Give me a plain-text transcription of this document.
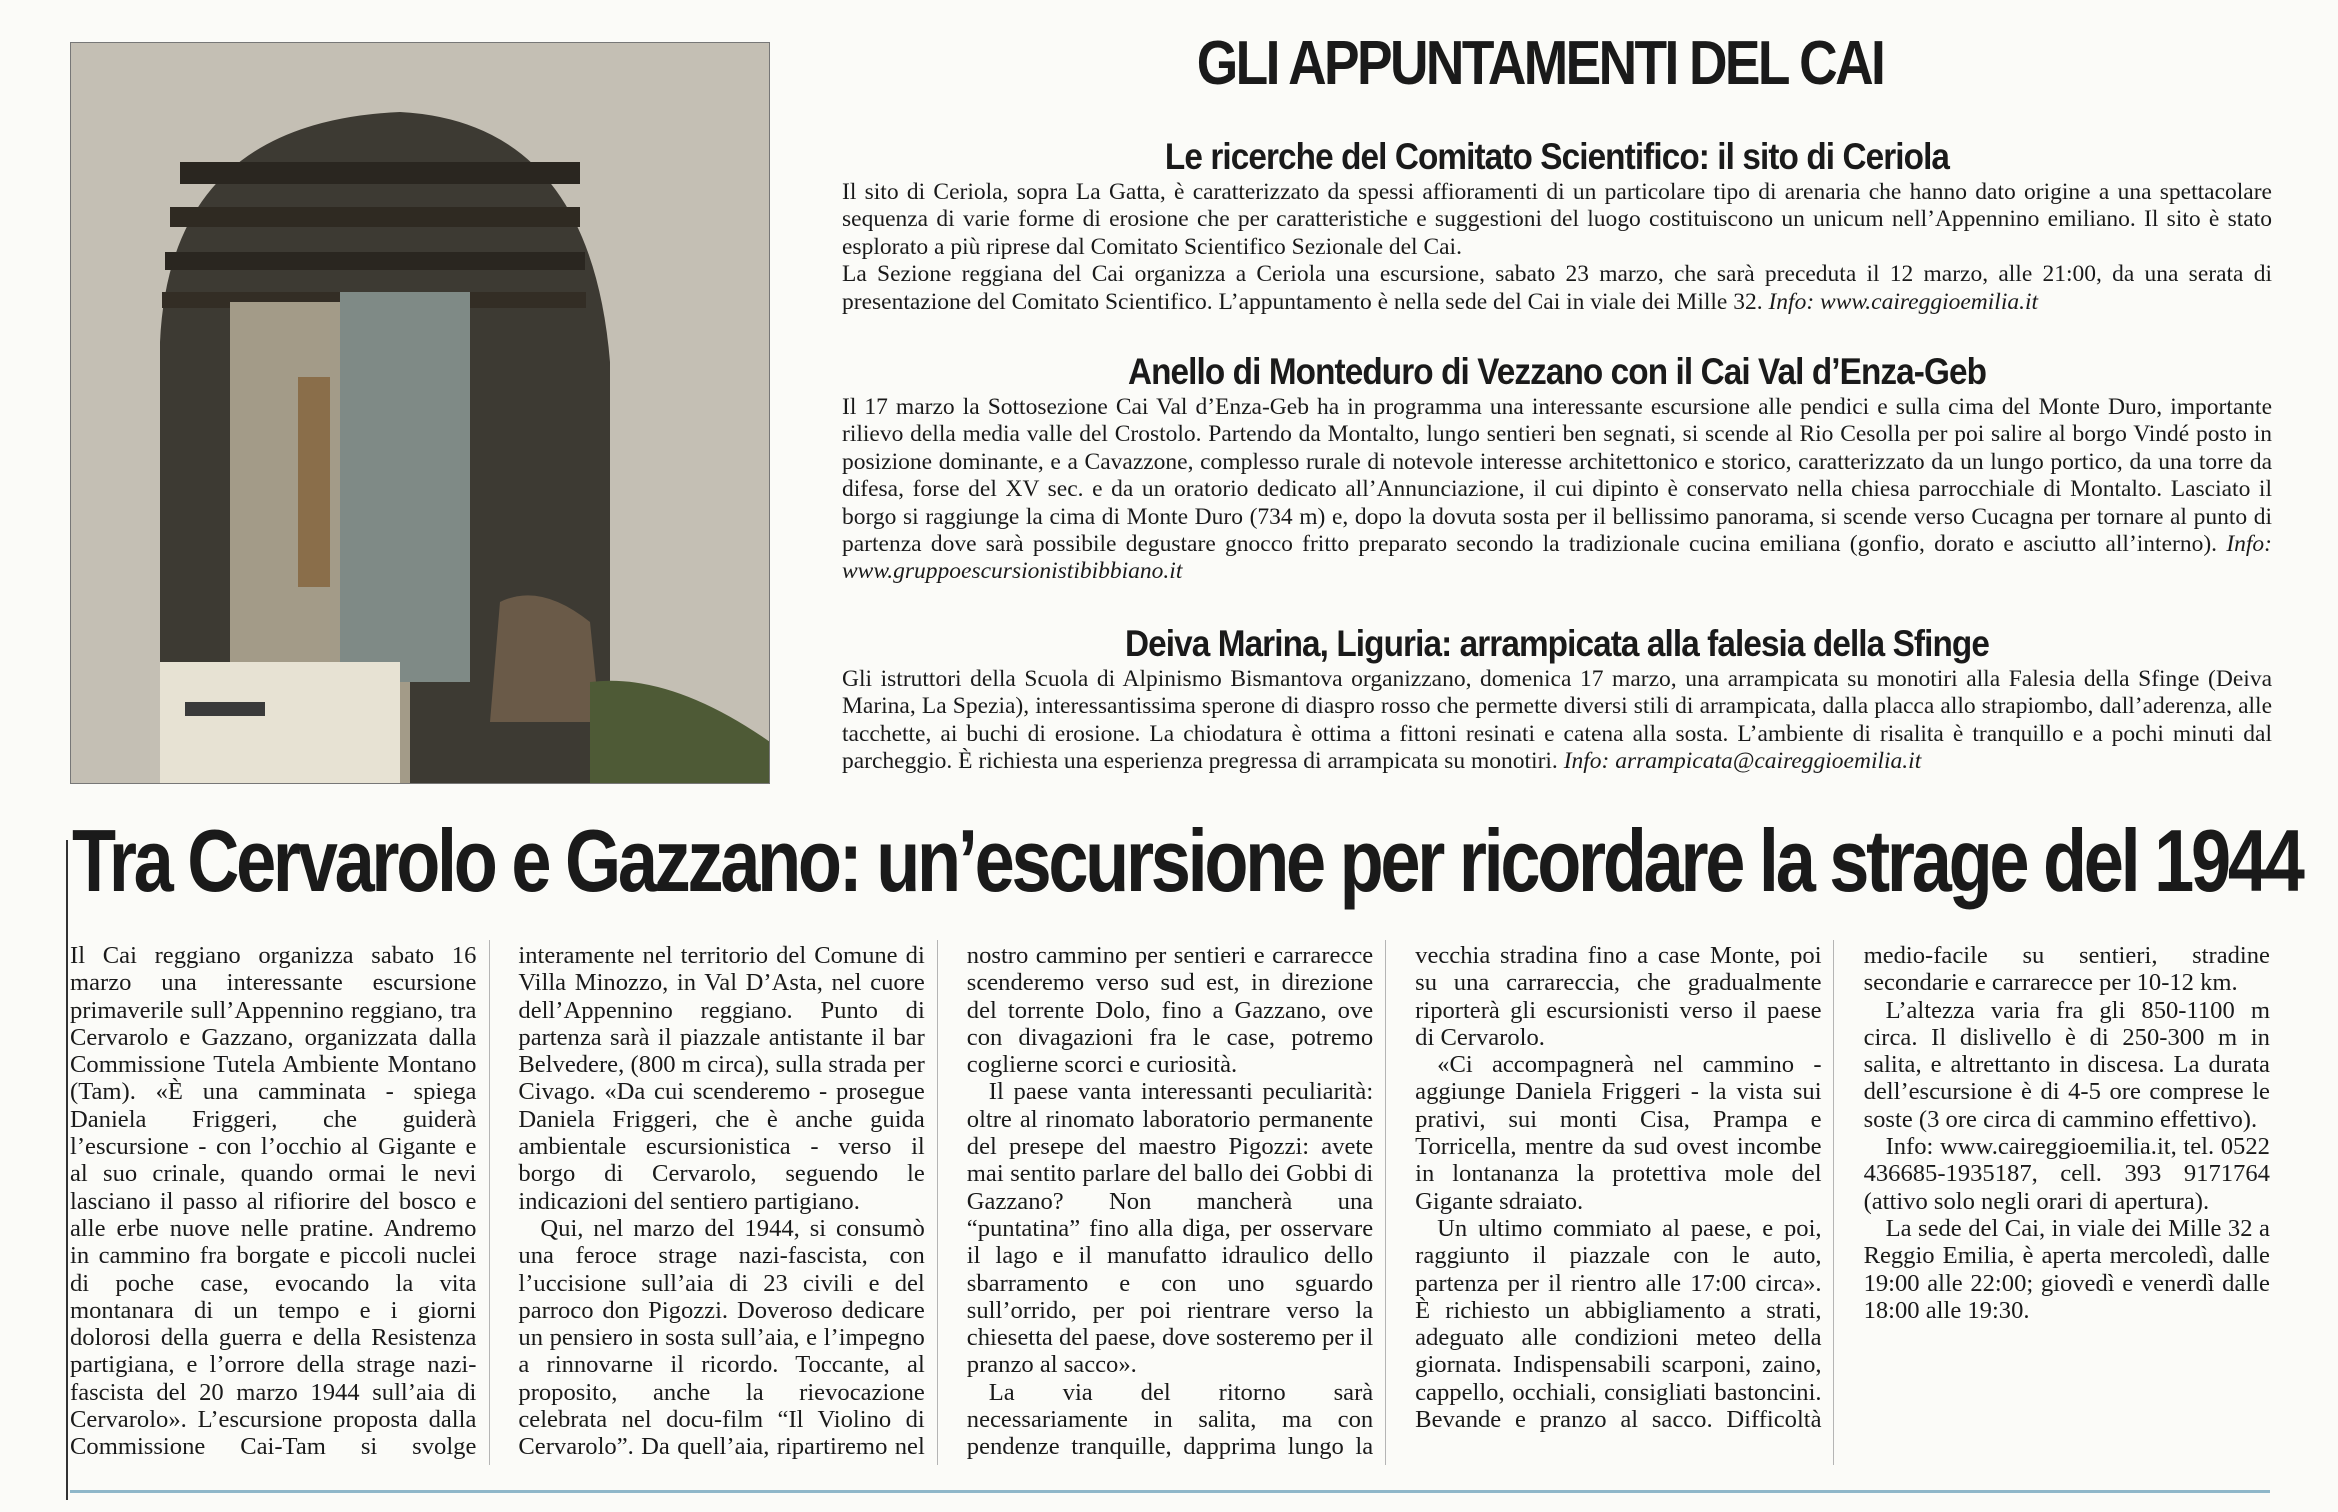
GLI APPUNTAMENTI DEL CAI
Le ricerche del Comitato Scientifico: il sito di Ceriola

Il sito di Ceriola, sopra La Gatta, è caratterizzato da spessi affioramenti di un particolare tipo di arenaria che hanno dato origine a una spettacolare sequenza di varie forme di erosione che per caratteristiche e suggestioni del luogo costituiscono un unicum nell’Appennino emiliano. Il sito è stato esplorato a più riprese dal Comitato Scientifico Sezionale del Cai.

La Sezione reggiana del Cai organizza a Ceriola una escursione, sabato 23 marzo, che sarà preceduta il 12 marzo, alle 21:00, da una serata di presentazione del Comitato Scientifico. L’appuntamento è nella sede del Cai in viale dei Mille 32. Info: www.caireggioemilia.it

Anello di Monteduro di Vezzano con il Cai Val d’Enza-Geb

Il 17 marzo la Sottosezione Cai Val d’Enza-Geb ha in programma una interessante escursione alle pendici e sulla cima del Monte Duro, importante rilievo della media valle del Crostolo. Partendo da Montalto, lungo sentieri ben segnati, si scende al Rio Cesolla per poi salire al borgo Vindé posto in posizione dominante, e a Cavazzone, complesso rurale di notevole interesse architettonico e storico, caratterizzato da un lungo portico, da una torre da difesa, forse del XV sec. e da un oratorio dedicato all’Annunciazione, il cui dipinto è conservato nella chiesa parrocchiale di Montalto. Lasciato il borgo si raggiunge la cima di Monte Duro (734 m) e, dopo la dovuta sosta per il bellissimo panorama, si scende verso Cucagna per tornare al punto di partenza dove sarà possibile degustare gnocco fritto preparato secondo la tradizionale cucina emiliana (gonfio, dorato e asciutto all’interno). Info: www.gruppoescursionistibibbiano.it

Deiva Marina, Liguria: arrampicata alla falesia della Sfinge

Gli istruttori della Scuola di Alpinismo Bismantova organizzano, domenica 17 marzo, una arrampicata su monotiri alla Falesia della Sfinge (Deiva Marina, La Spezia), interessantissima sperone di diaspro rosso che permette diversi stili di arrampicata, dalla placca allo strapiombo, dall’aderenza, alle tacchette, ai buchi di erosione. La chiodatura è ottima a fittoni resinati e catena alla sosta. L’ambiente di risalita è tranquillo e a pochi minuti dal parcheggio. È richiesta una esperienza pregressa di arrampicata su monotiri. Info: arrampicata@caireggioemilia.it

Tra Cervarolo e Gazzano: un’escursione per ricordare la strage del 1944

Il Cai reggiano organizza sabato 16 marzo una interessante escursione primaverile sull’Appennino reggiano, tra Cervarolo e Gazzano, organizzata dalla Commissione Tutela Ambiente Montano (Tam). «È una camminata - spiega Daniela Friggeri, che guiderà l’escursione - con l’occhio al Gigante e al suo crinale, quando ormai le nevi lasciano il passo al rifiorire del bosco e alle erbe nuove nelle pratine. Andremo in cammino fra borgate e piccoli nuclei di poche case, evocando la vita montanara di un tempo e i giorni dolorosi della guerra e della Resistenza partigiana, e l’orrore della strage nazi-fascista del 20 marzo 1944 sull’aia di Cervarolo». L’escursione proposta dalla Commissione Cai-Tam si svolge interamente nel territorio del Comune di Villa Minozzo, in Val D’Asta, nel cuore dell’Appennino reggiano. Punto di partenza sarà il piazzale antistante il bar Belvedere, (800 m circa), sulla strada per Civago. «Da cui scenderemo - prosegue Daniela Friggeri, che è anche guida ambientale escursionistica - verso il borgo di Cervarolo, seguendo le indicazioni del sentiero partigiano.

Qui, nel marzo del 1944, si consumò una feroce strage nazi-fascista, con l’uccisione sull’aia di 23 civili e del parroco don Pigozzi. Doveroso dedicare un pensiero in sosta sull’aia, e l’impegno a rinnovarne il ricordo. Toccante, al proposito, anche la rievocazione celebrata nel docu-film “Il Violino di Cervarolo”. Da quell’aia, ripartiremo nel nostro cammino per sentieri e carrarecce scenderemo verso sud est, in direzione del torrente Dolo, fino a Gazzano, ove con divagazioni fra le case, potremo coglierne scorci e curiosità.

Il paese vanta interessanti peculiarità: oltre al rinomato laboratorio permanente del presepe del maestro Pigozzi: avete mai sentito parlare del ballo dei Gobbi di Gazzano? Non mancherà una “puntatina” fino alla diga, per osservare il lago e il manufatto idraulico dello sbarramento e con uno sguardo sull’orrido, per poi rientrare verso la chiesetta del paese, dove sosteremo per il pranzo al sacco».

La via del ritorno sarà necessariamente in salita, ma con pendenze tranquille, dapprima lungo la vecchia stradina fino a case Monte, poi su una carrareccia, che gradualmente riporterà gli escursionisti verso il paese di Cervarolo.

«Ci accompagnerà nel cammino - aggiunge Daniela Friggeri - la vista sui prativi, sui monti Cisa, Prampa e Torricella, mentre da sud ovest incombe in lontananza la protettiva mole del Gigante sdraiato.

Un ultimo commiato al paese, e poi, raggiunto il piazzale con le auto, partenza per il rientro alle 17:00 circa». È richiesto un abbigliamento a strati, adeguato alle condizioni meteo della giornata. Indispensabili scarponi, zaino, cappello, occhiali, consigliati bastoncini. Bevande e pranzo al sacco. Difficoltà medio-facile su sentieri, stradine secondarie e carrarecce per 10-12 km.

L’altezza varia fra gli 850-1100 m circa. Il dislivello è di 250-300 m in salita, e altrettanto in discesa. La durata dell’escursione è di 4-5 ore comprese le soste (3 ore circa di cammino effettivo).

Info: www.caireggioemilia.it, tel. 0522 436685-1935187, cell. 393 9171764 (attivo solo negli orari di apertura).

La sede del Cai, in viale dei Mille 32 a Reggio Emilia, è aperta mercoledì, dalle 19:00 alle 22:00; giovedì e venerdì dalle 18:00 alle 19:30.
